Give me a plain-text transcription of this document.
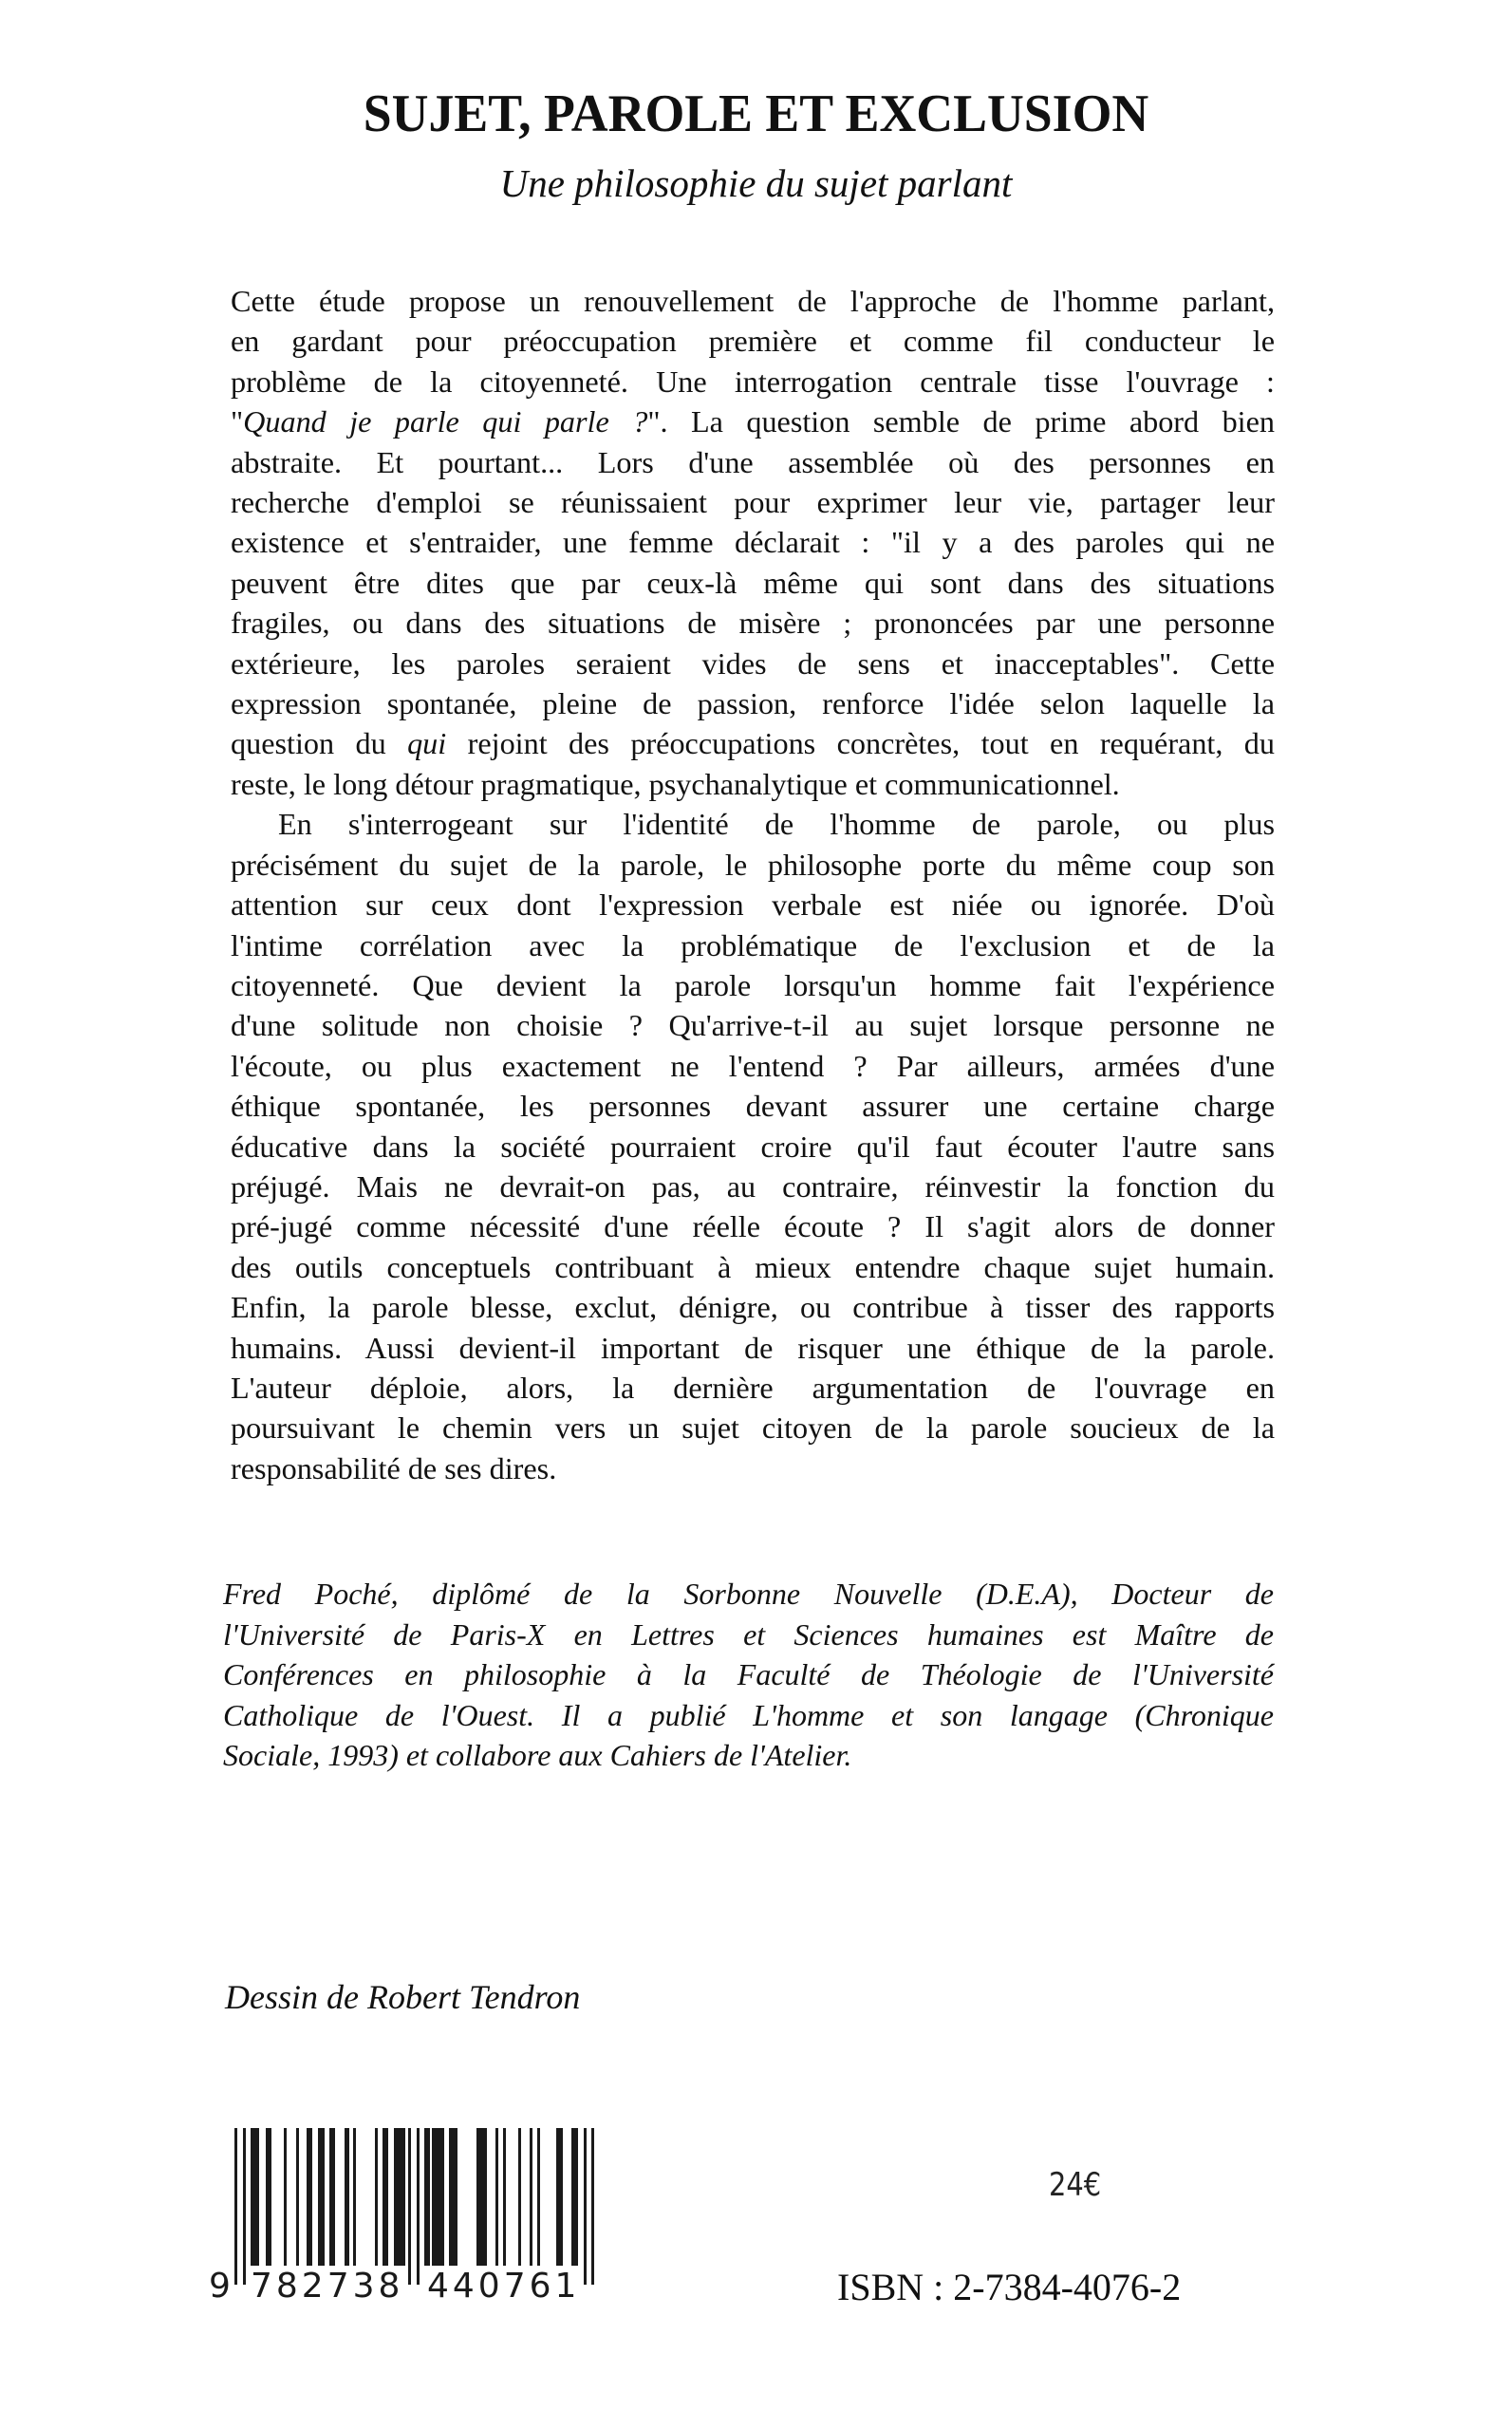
SUJET, PAROLE ET EXCLUSION
Une philosophie du sujet parlant
Cette étude propose un renouvellement de l'approche de l'homme parlant,
en gardant pour préoccupation première et comme fil conducteur le
problème de la citoyenneté. Une interrogation centrale tisse l'ouvrage :
"Quand je parle qui parle ?". La question semble de prime abord bien
abstraite. Et pourtant... Lors d'une assemblée où des personnes en
recherche d'emploi se réunissaient pour exprimer leur vie, partager leur
existence et s'entraider, une femme déclarait : "il y a des paroles qui ne
peuvent être dites que par ceux-là même qui sont dans des situations
fragiles, ou dans des situations de misère ; prononcées par une personne
extérieure, les paroles seraient vides de sens et inacceptables". Cette
expression spontanée, pleine de passion, renforce l'idée selon laquelle la
question du qui rejoint des préoccupations concrètes, tout en requérant, du
reste, le long détour pragmatique, psychanalytique et communicationnel.
En s'interrogeant sur l'identité de l'homme de parole, ou plus
précisément du sujet de la parole, le philosophe porte du même coup son
attention sur ceux dont l'expression verbale est niée ou ignorée. D'où
l'intime corrélation avec la problématique de l'exclusion et de la
citoyenneté. Que devient la parole lorsqu'un homme fait l'expérience
d'une solitude non choisie ? Qu'arrive-t-il au sujet lorsque personne ne
l'écoute, ou plus exactement ne l'entend ? Par ailleurs, armées d'une
éthique spontanée, les personnes devant assurer une certaine charge
éducative dans la société pourraient croire qu'il faut écouter l'autre sans
préjugé. Mais ne devrait-on pas, au contraire, réinvestir la fonction du
pré-jugé comme nécessité d'une réelle écoute ? Il s'agit alors de donner
des outils conceptuels contribuant à mieux entendre chaque sujet humain.
Enfin, la parole blesse, exclut, dénigre, ou contribue à tisser des rapports
humains. Aussi devient-il important de risquer une éthique de la parole.
L'auteur déploie, alors, la dernière argumentation de l'ouvrage en
poursuivant le chemin vers un sujet citoyen de la parole soucieux de la
responsabilité de ses dires.
Fred Poché, diplômé de la Sorbonne Nouvelle (D.E.A), Docteur de
l'Université de Paris-X en Lettres et Sciences humaines est Maître de
Conférences en philosophie à la Faculté de Théologie de l'Université
Catholique de l'Ouest. Il a publié L'homme et son langage (Chronique
Sociale, 1993) et collabore aux Cahiers de l'Atelier.
Dessin de Robert Tendron
9 782738 440761
24€
ISBN : 2-7384-4076-2
